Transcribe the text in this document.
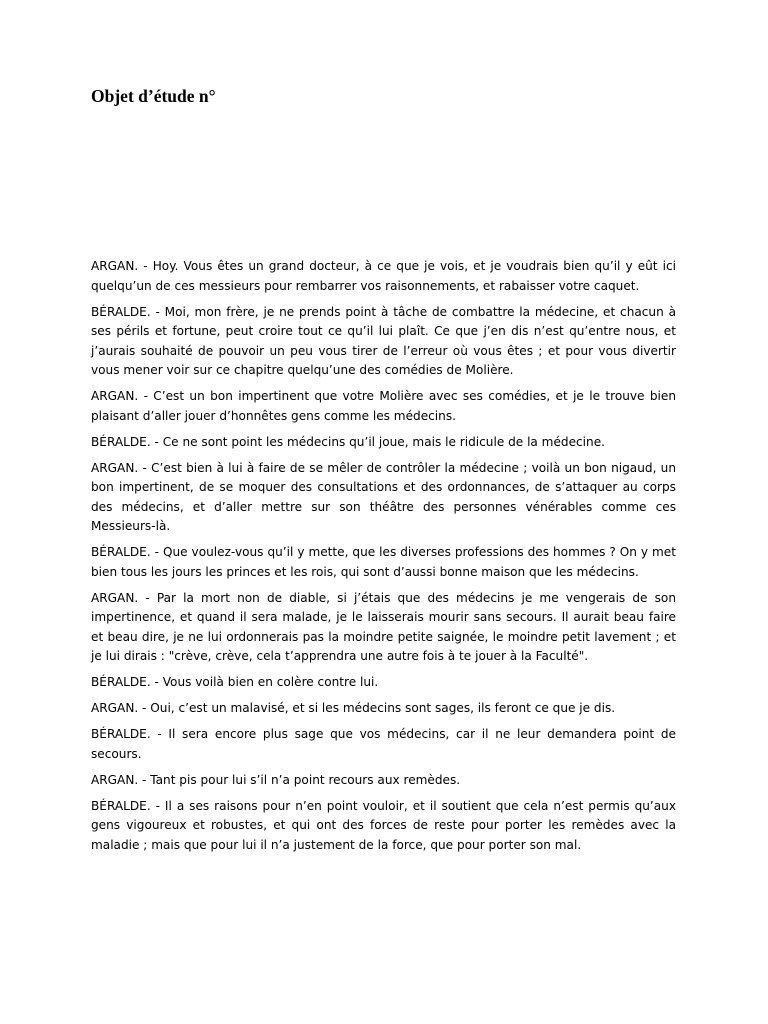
Objet d’étude n°

ARGAN. - Hoy. Vous êtes un grand docteur, à ce que je vois, et je voudrais bien qu’il y eût ici quelqu’un de ces messieurs pour rembarrer vos raisonnements, et rabaisser votre caquet.

BÉRALDE. - Moi, mon frère, je ne prends point à tâche de combattre la médecine, et chacun à ses périls et fortune, peut croire tout ce qu’il lui plaît. Ce que j’en dis n’est qu’entre nous, et j’aurais souhaité de pouvoir un peu vous tirer de l’erreur où vous êtes ; et pour vous divertir vous mener voir sur ce chapitre quelqu’une des comédies de Molière.

ARGAN. - C’est un bon impertinent que votre Molière avec ses comédies, et je le trouve bien plaisant d’aller jouer d’honnêtes gens comme les médecins.

BÉRALDE. - Ce ne sont point les médecins qu’il joue, mais le ridicule de la médecine.

ARGAN. - C’est bien à lui à faire de se mêler de contrôler la médecine ; voilà un bon nigaud, un bon impertinent, de se moquer des consultations et des ordonnances, de s’attaquer au corps des médecins, et d’aller mettre sur son théâtre des personnes vénérables comme ces Messieurs-là.

BÉRALDE. - Que voulez-vous qu’il y mette, que les diverses professions des hommes ? On y met bien tous les jours les princes et les rois, qui sont d’aussi bonne maison que les médecins.

ARGAN. - Par la mort non de diable, si j’étais que des médecins je me vengerais de son impertinence, et quand il sera malade, je le laisserais mourir sans secours. Il aurait beau faire et beau dire, je ne lui ordonnerais pas la moindre petite saignée, le moindre petit lavement ; et je lui dirais : "crève, crève, cela t’apprendra une autre fois à te jouer à la Faculté".

BÉRALDE. - Vous voilà bien en colère contre lui.

ARGAN. - Oui, c’est un malavisé, et si les médecins sont sages, ils feront ce que je dis.

BÉRALDE. - Il sera encore plus sage que vos médecins, car il ne leur demandera point de secours.

ARGAN. - Tant pis pour lui s’il n’a point recours aux remèdes.

BÉRALDE. - Il a ses raisons pour n’en point vouloir, et il soutient que cela n’est permis qu’aux gens vigoureux et robustes, et qui ont des forces de reste pour porter les remèdes avec la maladie ; mais que pour lui il n’a justement de la force, que pour porter son mal.
